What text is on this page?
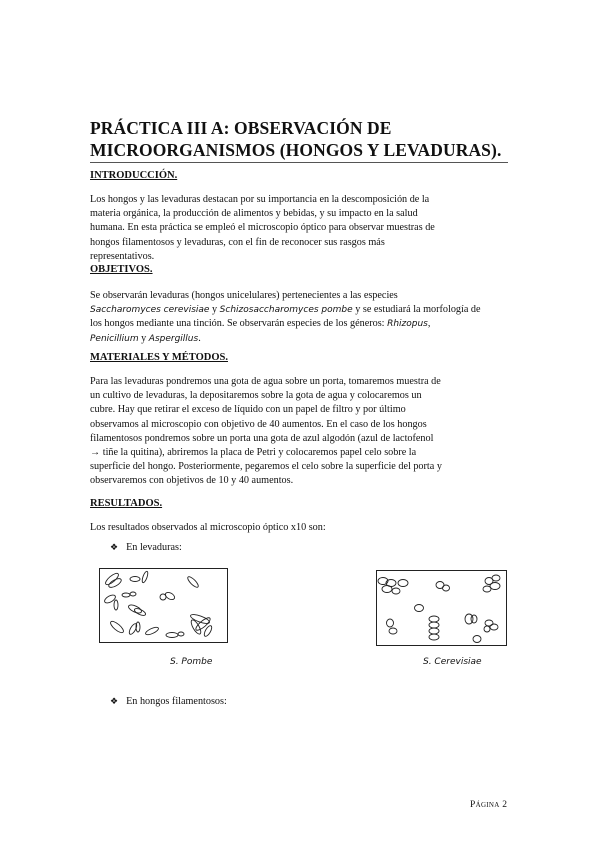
PRÁCTICA III A: OBSERVACIÓN DE
MICROORGANISMOS (HONGOS Y LEVADURAS).
INTRODUCCIÓN.
Los hongos y las levaduras destacan por su importancia en la descomposición de la
materia orgánica, la producción de alimentos y bebidas, y su impacto en la salud
humana. En esta práctica se empleó el microscopio óptico para observar muestras de
hongos filamentosos y levaduras, con el fin de reconocer sus rasgos más
representativos.
OBJETIVOS.
Se observarán levaduras (hongos unicelulares) pertenecientes a las especies
Saccharomyces cerevisiae y Schizosaccharomyces pombe y se estudiará la morfología de
los hongos mediante una tinción. Se observarán especies de los géneros: Rhizopus,
Penicillium y Aspergillus.
MATERIALES Y MÉTODOS.
Para las levaduras pondremos una gota de agua sobre un porta, tomaremos muestra de
un cultivo de levaduras, la depositaremos sobre la gota de agua y colocaremos un
cubre. Hay que retirar el exceso de líquido con un papel de filtro y por último
observamos al microscopio con objetivo de 40 aumentos. En el caso de los hongos
filamentosos pondremos sobre un porta una gota de azul algodón (azul de lactofenol
→ tiñe la quitina), abriremos la placa de Petri y colocaremos papel celo sobre la
superficie del hongo. Posteriormente, pegaremos el celo sobre la superficie del porta y
observaremos con objetivos de 10 y 40 aumentos.
RESULTADOS.
Los resultados observados al microscopio óptico x10 son:
❖ En levaduras:
S. Pombe	S. Cerevisiae
❖ En hongos filamentosos:
Página 2
